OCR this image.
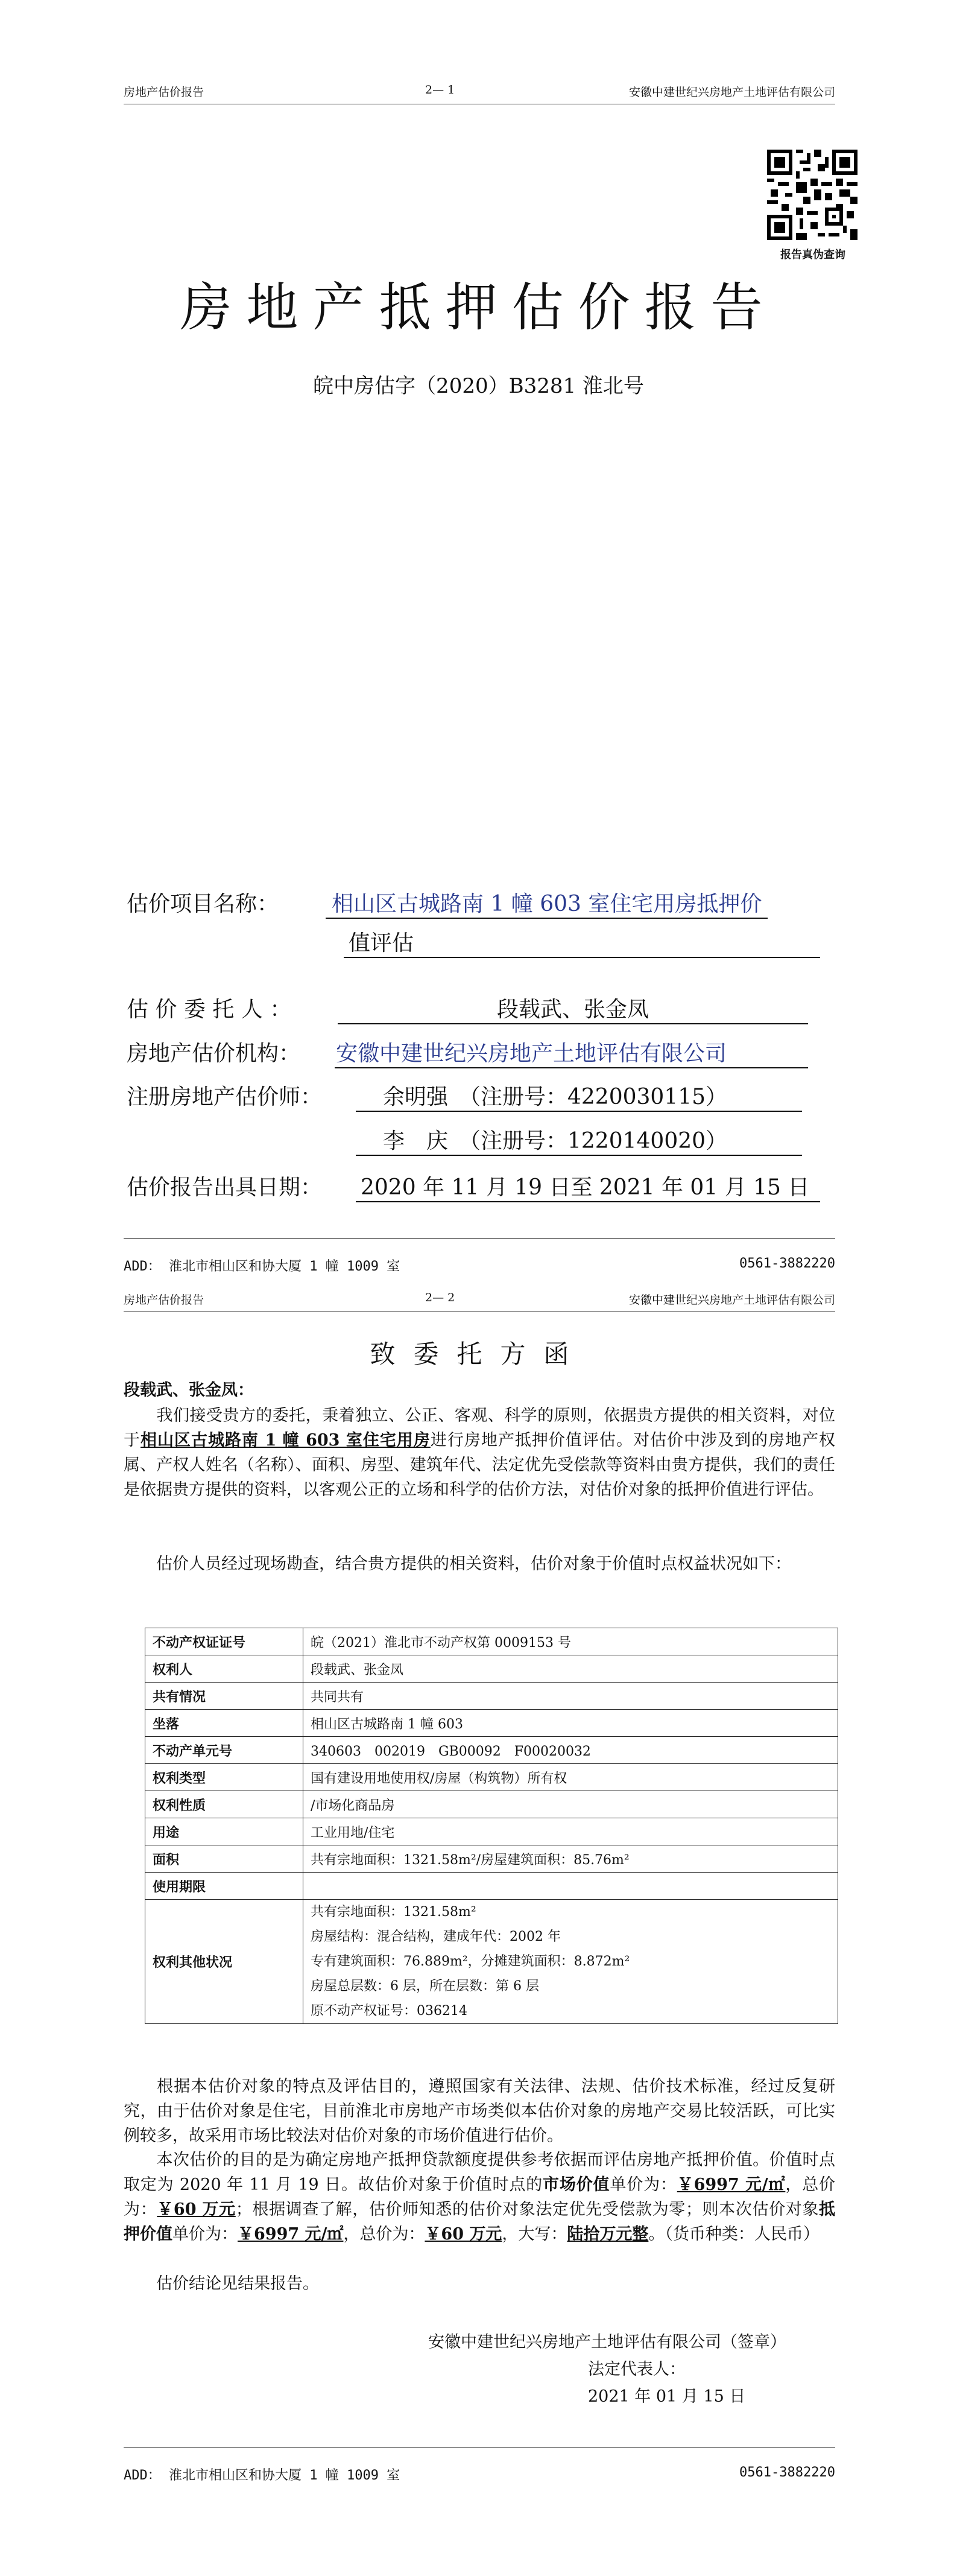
房地产估价报告	2— 1	安徽中建世纪兴房地产土地评估有限公司
报告真伪查询
房地产抵押估价报告
皖中房估字（2020）B3281 淮北号
估价项目名称： 相山区古城路南 1 幢 603 室住宅用房抵押价
值评估
估 价 委 托 人 ：	段载武、张金凤
房地产估价机构： 安徽中建世纪兴房地产土地评估有限公司
注册房地产估价师：	余明强　（注册号：4220030115）
李　庆　（注册号：1220140020）
估价报告出具日期： 2020 年 11 月 19 日至 2021 年 01 月 15 日
ADD： 淮北市相山区和协大厦 1 幢 1009 室	0561-3882220
房地产估价报告	2— 2	安徽中建世纪兴房地产土地评估有限公司
致委托方函
段载武、张金凤：
我们接受贵方的委托，秉着独立、公正、客观、科学的原则，依据贵方提供的相关资料，对位于相山区古城路南 1 幢 603 室住宅用房进行房地产抵押价值评估。对估价中涉及到的房地产权属、产权人姓名（名称）、面积、房型、建筑年代、法定优先受偿款等资料由贵方提供，我们的责任是依据贵方提供的资料，以客观公正的立场和科学的估价方法，对估价对象的抵押价值进行评估。
估价人员经过现场勘查，结合贵方提供的相关资料，估价对象于价值时点权益状况如下：
不动产权证证号	皖（2021）淮北市不动产权第 0009153 号
权利人	段载武、张金凤
共有情况	共同共有
坐落	相山区古城路南 1 幢 603
不动产单元号	340603　002019　GB00092　F00020032
权利类型	国有建设用地使用权/房屋（构筑物）所有权
权利性质	/市场化商品房
用途	工业用地/住宅
面积	共有宗地面积：1321.58m²/房屋建筑面积：85.76m²
使用期限	
权利其他状况	共有宗地面积：1321.58m²
房屋结构：混合结构，建成年代：2002 年
专有建筑面积：76.889m²，分摊建筑面积：8.872m²
房屋总层数：6 层，所在层数：第 6 层
原不动产权证号：036214
根据本估价对象的特点及评估目的，遵照国家有关法律、法规、估价技术标准，经过反复研究，由于估价对象是住宅，目前淮北市房地产市场类似本估价对象的房地产交易比较活跃，可比实例较多，故采用市场比较法对估价对象的市场价值进行估价。
本次估价的目的是为确定房地产抵押贷款额度提供参考依据而评估房地产抵押价值。价值时点取定为 2020 年 11 月 19 日。故估价对象于价值时点的市场价值单价为：￥6997 元/㎡，总价为：￥60 万元；根据调查了解，估价师知悉的估价对象法定优先受偿款为零；则本次估价对象抵押价值单价为：￥6997 元/㎡，总价为：￥60 万元，大写：陆拾万元整。（货币种类：人民币）
估价结论见结果报告。
安徽中建世纪兴房地产土地评估有限公司（签章）
法定代表人：
2021 年 01 月 15 日
ADD： 淮北市相山区和协大厦 1 幢 1009 室	0561-3882220
